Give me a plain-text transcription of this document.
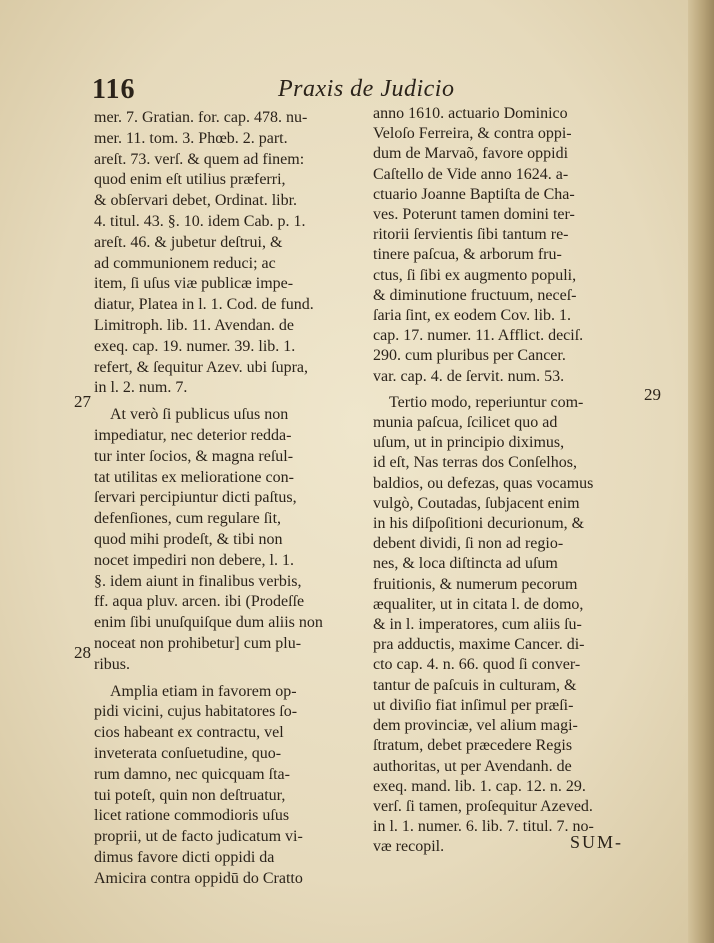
116	Praxis de Judicio

mer. 7. Gratian. for. cap. 478. nu-

mer. 11. tom. 3. Phœb. 2. part.

areſt. 73. verſ. & quem ad finem:

quod enim eſt utilius præferri,

& obſervari debet, Ordinat. libr.

4. titul. 43. §. 10. idem Cab. p. 1.

areſt. 46. & jubetur deſtrui, &

ad communionem reduci; ac

item, ſi uſus viæ publicæ impe-

diatur, Platea in l. 1. Cod. de fund.

Limitroph. lib. 11. Avendan. de

exeq. cap. 19. numer. 39. lib. 1.

refert, & ſequitur Azev. ubi ſupra,

in l. 2. num. 7.

At verò ſi publicus uſus non

impediatur, nec deterior redda-

tur inter ſocios, & magna reſul-

tat utilitas ex melioratione con-

ſervari percipiuntur dicti paſtus,

defenſiones, cum regulare ſit,

quod mihi prodeſt, & tibi non

nocet impediri non debere, l. 1.

§. idem aiunt in finalibus verbis,

ff. aqua pluv. arcen. ibi (Prodeſſe

enim ſibi unuſquiſque dum aliis non

noceat non prohibetur] cum plu-

ribus.

Amplia etiam in favorem op-

pidi vicini, cujus habitatores ſo-

cios habeant ex contractu, vel

inveterata conſuetudine, quo-

rum damno, nec quicquam ſta-

tui poteſt, quin non deſtruatur,

licet ratione commodioris uſus

proprii, ut de facto judicatum vi-

dimus favore dicti oppidi da

Amicira contra oppidū do Cratto

anno 1610. actuario Dominico

Veloſo Ferreira, & contra oppi-

dum de Marvaõ, favore oppidi

Caſtello de Vide anno 1624. a-

ctuario Joanne Baptiſta de Cha-

ves. Poterunt tamen domini ter-

ritorii ſervientis ſibi tantum re-

tinere paſcua, & arborum fru-

ctus, ſi ſibi ex augmento populi,

& diminutione fructuum, neceſ-

ſaria ſint, ex eodem Cov. lib. 1.

cap. 17. numer. 11. Afflict. deciſ.

290. cum pluribus per Cancer.

var. cap. 4. de ſervit. num. 53.

Tertio modo, reperiuntur com-

munia paſcua, ſcilicet quo ad

uſum, ut in principio diximus,

id eſt, Nas terras dos Conſelhos,

baldios, ou defezas, quas vocamus

vulgò, Coutadas, ſubjacent enim

in his diſpoſitioni decurionum, &

debent dividi, ſi non ad regio-

nes, & loca diſtincta ad uſum

fruitionis, & numerum pecorum

æqualiter, ut in citata l. de domo,

& in l. imperatores, cum aliis ſu-

pra adductis, maxime Cancer. di-

cto cap. 4. n. 66. quod ſi conver-

tantur de paſcuis in culturam, &

ut diviſio fiat inſimul per præſi-

dem provinciæ, vel alium magi-

ſtratum, debet præcedere Regis

authoritas, ut per Avendanh. de

exeq. mand. lib. 1. cap. 12. n. 29.

verſ. ſi tamen, proſequitur Azeved.

in l. 1. numer. 6. lib. 7. titul. 7. no-

væ recopil.

27
28
29
SUM-
